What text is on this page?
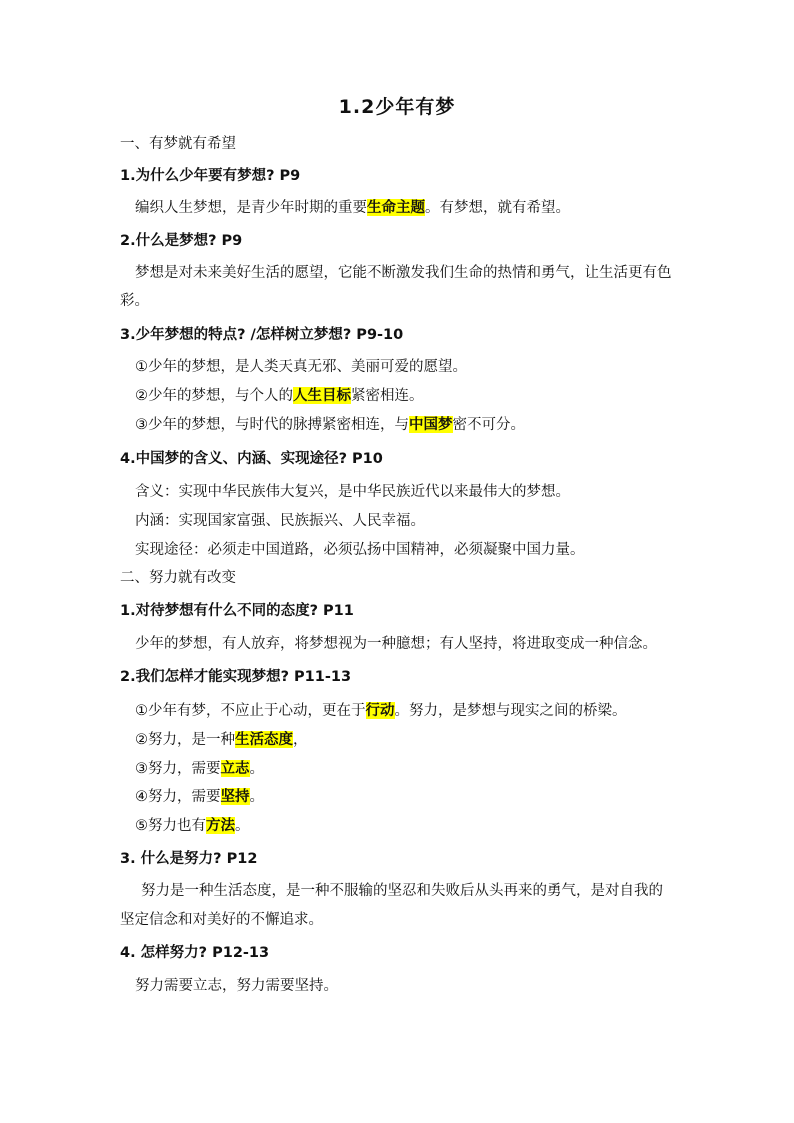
1.2少年有梦
一、有梦就有希望
1.为什么少年要有梦想? P9
编织人生梦想，是青少年时期的重要生命主题。有梦想，就有希望。
2.什么是梦想? P9
梦想是对未来美好生活的愿望，它能不断激发我们生命的热情和勇气，让生活更有色
彩。
3.少年梦想的特点? /怎样树立梦想? P9-10
①少年的梦想，是人类天真无邪、美丽可爱的愿望。
②少年的梦想，与个人的人生目标紧密相连。
③少年的梦想，与时代的脉搏紧密相连，与中国梦密不可分。
4.中国梦的含义、内涵、实现途径? P10
含义：实现中华民族伟大复兴，是中华民族近代以来最伟大的梦想。
内涵：实现国家富强、民族振兴、人民幸福。
实现途径：必须走中国道路，必须弘扬中国精神，必须凝聚中国力量。
二、努力就有改变
1.对待梦想有什么不同的态度? P11
少年的梦想，有人放弃，将梦想视为一种臆想；有人坚持，将进取变成一种信念。
2.我们怎样才能实现梦想? P11-13
①少年有梦，不应止于心动，更在于行动。努力，是梦想与现实之间的桥梁。
②努力，是一种生活态度，
③努力，需要立志。
④努力，需要坚持。
⑤努力也有方法。
3. 什么是努力? P12
努力是一种生活态度，是一种不服输的坚忍和失败后从头再来的勇气，是对自我的
坚定信念和对美好的不懈追求。
4. 怎样努力? P12-13
努力需要立志，努力需要坚持。
